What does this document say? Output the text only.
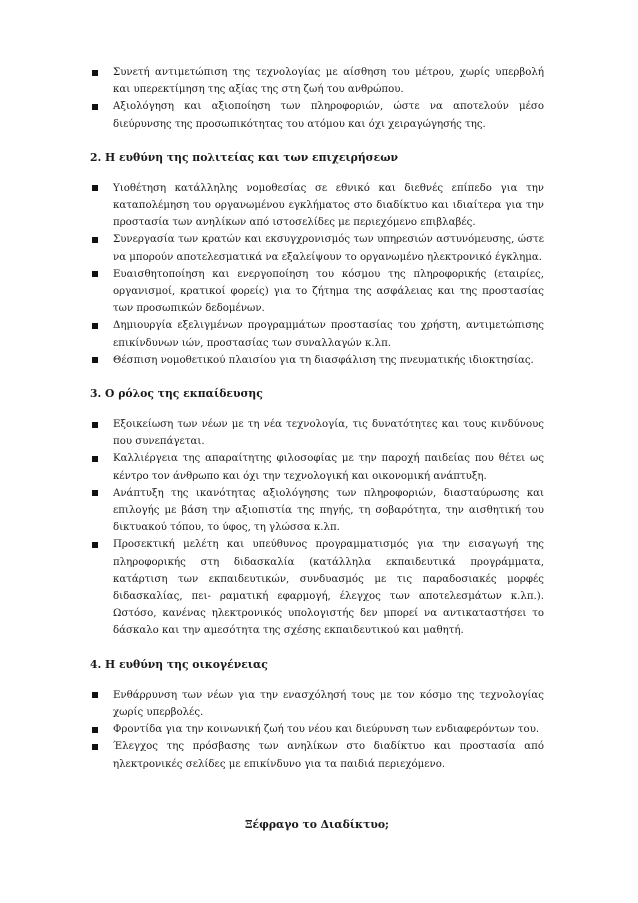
Συνετή αντιμετώπιση της τεχνολογίας με αίσθηση του μέτρου, χωρίς υπερβολή και υπερεκτίμηση της αξίας της στη ζωή του ανθρώπου.
Αξιολόγηση και αξιοποίηση των πληροφοριών, ώστε να αποτελούν μέσο διεύρυνσης της προσωπικότητας του ατόμου και όχι χειραγώγησής της.
2. Η ευθύνη της πολιτείας και των επιχειρήσεων
Υιοθέτηση κατάλληλης νομοθεσίας σε εθνικό και διεθνές επίπεδο για την καταπολέμηση του οργανωμένου εγκλήματος στο διαδίκτυο και ιδιαίτερα για την προστασία των ανηλίκων από ιστοσελίδες με περιεχόμενο επιβλαβές.
Συνεργασία των κρατών και εκσυγχρονισμός των υπηρεσιών αστυνόμευσης, ώστε να μπορούν αποτελεσματικά να εξαλείψουν το οργανωμένο ηλεκτρονικό έγκλημα.
Ευαισθητοποίηση και ενεργοποίηση του κόσμου της πληροφορικής (εταιρίες, οργανισμοί, κρατικοί φορείς) για το ζήτημα της ασφάλειας και της προστασίας των προσωπικών δεδομένων.
Δημιουργία εξελιγμένων προγραμμάτων προστασίας του χρήστη, αντιμετώπισης επικίνδυνων ιών, προστασίας των συναλλαγών κ.λπ.
Θέσπιση νομοθετικού πλαισίου για τη διασφάλιση της πνευματικής ιδιοκτησίας.
3. Ο ρόλος της εκπαίδευσης
Εξοικείωση των νέων με τη νέα τεχνολογία, τις δυνατότητες και τους κινδύνους που συνεπάγεται.
Καλλιέργεια της απαραίτητης φιλοσοφίας με την παροχή παιδείας που θέτει ως κέντρο τον άνθρωπο και όχι την τεχνολογική και οικονομική ανάπτυξη.
Ανάπτυξη της ικανότητας αξιολόγησης των πληροφοριών, διασταύρωσης και επιλογής με βάση την αξιοπιστία της πηγής, τη σοβαρότητα, την αισθητική του δικτυακού τόπου, το ύφος, τη γλώσσα κ.λπ.
Προσεκτική μελέτη και υπεύθυνος προγραμματισμός για την εισαγωγή της πληροφορικής στη διδασκαλία (κατάλληλα εκπαιδευτικά προγράμματα, κατάρτιση των εκπαιδευτικών, συνδυασμός με τις παραδοσιακές μορφές διδασκαλίας, πει- ραματική εφαρμογή, έλεγχος των αποτελεσμάτων κ.λπ.). Ωστόσο, κανένας ηλεκτρονικός υπολογιστής δεν μπορεί να αντικαταστήσει το δάσκαλο και την αμεσότητα της σχέσης εκπαιδευτικού και μαθητή.
4. Η ευθύνη της οικογένειας
Ενθάρρυνση των νέων για την ενασχόλησή τους με τον κόσμο της τεχνολογίας χωρίς υπερβολές.
Φροντίδα για την κοινωνική ζωή του νέου και διεύρυνση των ενδιαφερόντων του.
Έλεγχος της πρόσβασης των ανηλίκων στο διαδίκτυο και προστασία από ηλεκτρονικές σελίδες με επικίνδυνο για τα παιδιά περιεχόμενο.
Ξέφραγο το Διαδίκτυο;
